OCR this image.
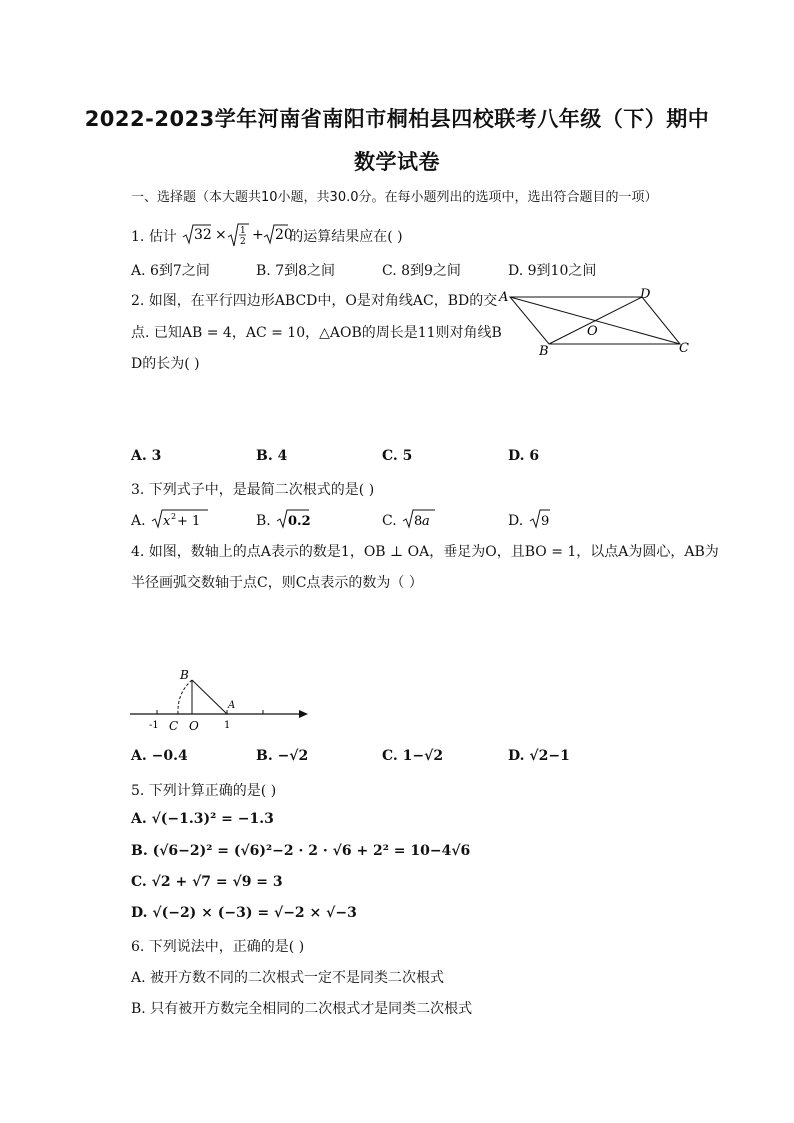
2022-2023学年河南省南阳市桐柏县四校联考八年级（下）期中
数学试卷
一、选择题（本大题共10小题，共30.0分。在每小题列出的选项中，选出符合题目的一项）
1. 估计 32 × 1
2 + 20
的运算结果应在( )
A. 6到7之间	B. 7到8之间	C. 8到9之间	D. 9到10之间
2. 如图，在平行四边形ABCD中，O是对角线AC，BD的交
点. 已知AB = 4，AC = 10，△AOB的周长是11则对角线B
D的长为( )
A	D
O
B	C
A. 3	B. 4	C. 5	D. 6
3. 下列式子中，是最简二次根式的是( )
A. x 2 + 1	B. 0.2	C. 8 a	D. 9
4. 如图，数轴上的点A表示的数是1，OB ⊥ OA，垂足为O，且BO = 1，以点A为圆心，AB为
半径画弧交数轴于点C，则C点表示的数为（ ）
B
A
-1 C O	1
A. −0.4	B. −√2	C. 1−√2	D. √2−1
5. 下列计算正确的是( )
A. √(−1.3)² = −1.3
B. (√6−2)² = (√6)²−2 · 2 · √6 + 2² = 10−4√6
C. √2 + √7 = √9 = 3
D. √(−2) × (−3) = √−2 × √−3
6. 下列说法中，正确的是( )
A. 被开方数不同的二次根式一定不是同类二次根式
B. 只有被开方数完全相同的二次根式才是同类二次根式
